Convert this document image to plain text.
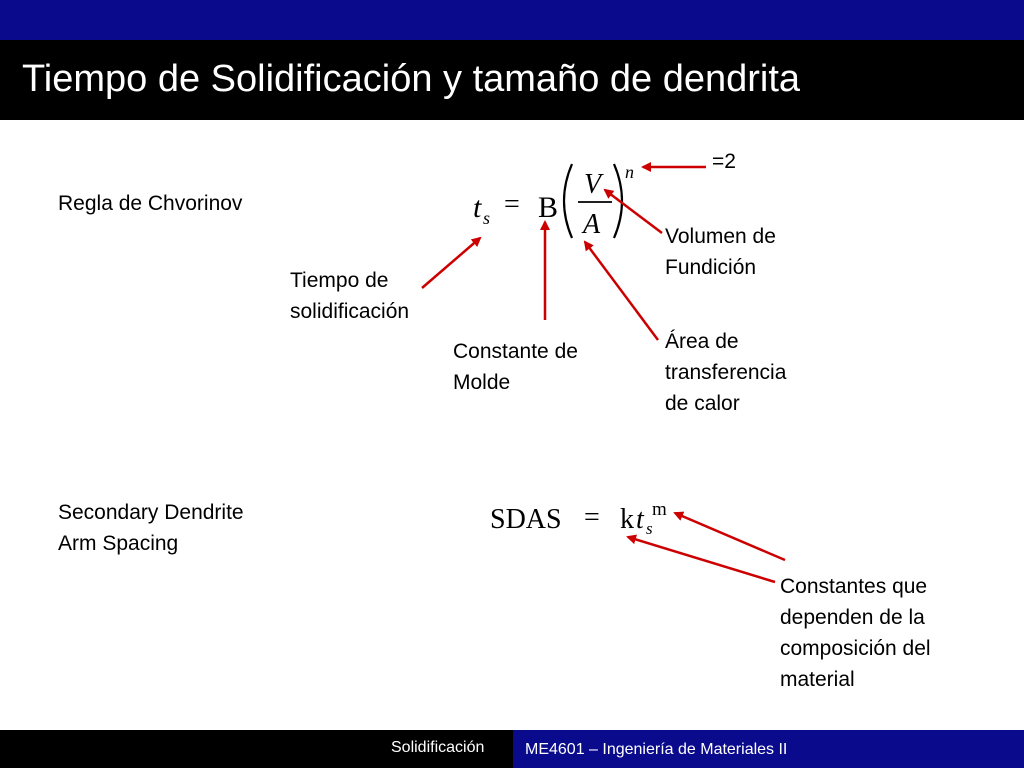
Tiempo de Solidificación y tamaño de dendrita
Regla de Chvorinov
=2
Tiempo de
solidificación
Constante de
Molde
Volumen de
Fundición
Área de
transferencia
de calor
Secondary Dendrite
Arm Spacing
Constantes que
dependen de la
composición del
material
t s = B
V
A
n
SDAS = k t s
m
Solidificación	ME4601 – Ingeniería de Materiales II
